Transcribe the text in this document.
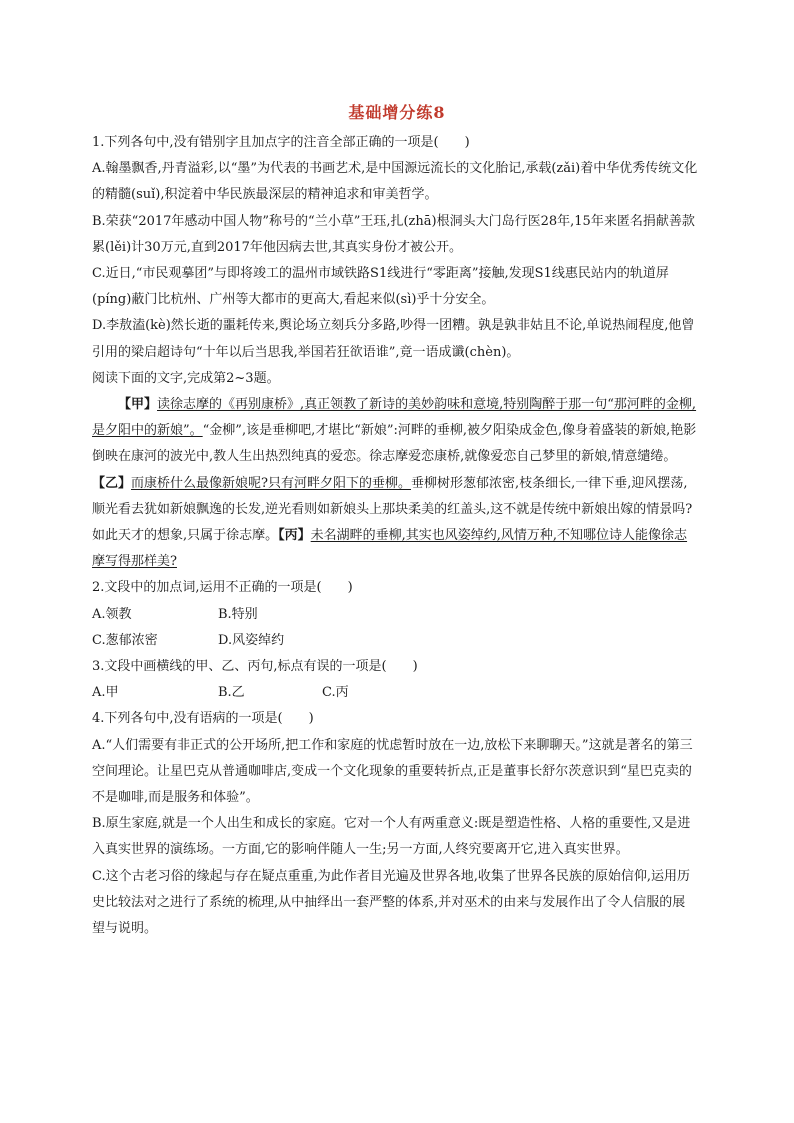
基础增分练8

1.下列各句中,没有错别字且加点字的注音全部正确的一项是(　　)

A.翰墨飘香,丹青溢彩,以“墨”为代表的书画艺术,是中国源远流长的文化胎记,承载(zǎi)着中华优秀传统文化的精髓(suǐ),积淀着中华民族最深层的精神追求和审美哲学。

B.荣获“2017年感动中国人物”称号的“兰小草”王珏,扎(zhā)根洞头大门岛行医28年,15年来匿名捐献善款累(lěi)计30万元,直到2017年他因病去世,其真实身份才被公开。

C.近日,“市民观摹团”与即将竣工的温州市域铁路S1线进行“零距离”接触,发现S1线惠民站内的轨道屏(píng)蔽门比杭州、广州等大都市的更高大,看起来似(sì)乎十分安全。

D.李敖溘(kè)然长逝的噩耗传来,舆论场立刻兵分多路,吵得一团糟。孰是孰非姑且不论,单说热闹程度,他曾引用的梁启超诗句“十年以后当思我,举国若狂欲语谁”,竟一语成谶(chèn)。

阅读下面的文字,完成第2~3题。

【甲】读徐志摩的《再别康桥》,真正领教了新诗的美妙韵味和意境,特别陶醉于那一句“那河畔的金柳,是夕阳中的新娘”。“金柳”,该是垂柳吧,才堪比“新娘”:河畔的垂柳,被夕阳染成金色,像身着盛装的新娘,艳影倒映在康河的波光中,教人生出热烈纯真的爱恋。徐志摩爱恋康桥,就像爱恋自己梦里的新娘,情意缱绻。【乙】而康桥什么最像新娘呢?只有河畔夕阳下的垂柳。垂柳树形葱郁浓密,枝条细长,一律下垂,迎风摆荡,顺光看去犹如新娘飘逸的长发,逆光看则如新娘头上那块柔美的红盖头,这不就是传统中新娘出嫁的情景吗?如此天才的想象,只属于徐志摩。【丙】未名湖畔的垂柳,其实也风姿绰约,风情万种,不知哪位诗人能像徐志摩写得那样美?

2.文段中的加点词,运用不正确的一项是(　　)

A.领教	B.特别

C.葱郁浓密	D.风姿绰约

3.文段中画横线的甲、乙、丙句,标点有误的一项是(　　)

A.甲	B.乙	C.丙

4.下列各句中,没有语病的一项是(　　)

A.“人们需要有非正式的公开场所,把工作和家庭的忧虑暂时放在一边,放松下来聊聊天。”这就是著名的第三空间理论。让星巴克从普通咖啡店,变成一个文化现象的重要转折点,正是董事长舒尔茨意识到“星巴克卖的不是咖啡,而是服务和体验”。

B.原生家庭,就是一个人出生和成长的家庭。它对一个人有两重意义:既是塑造性格、人格的重要性,又是进入真实世界的演练场。一方面,它的影响伴随人一生;另一方面,人终究要离开它,进入真实世界。

C.这个古老习俗的缘起与存在疑点重重,为此作者目光遍及世界各地,收集了世界各民族的原始信仰,运用历史比较法对之进行了系统的梳理,从中抽绎出一套严整的体系,并对巫术的由来与发展作出了令人信服的展望与说明。
